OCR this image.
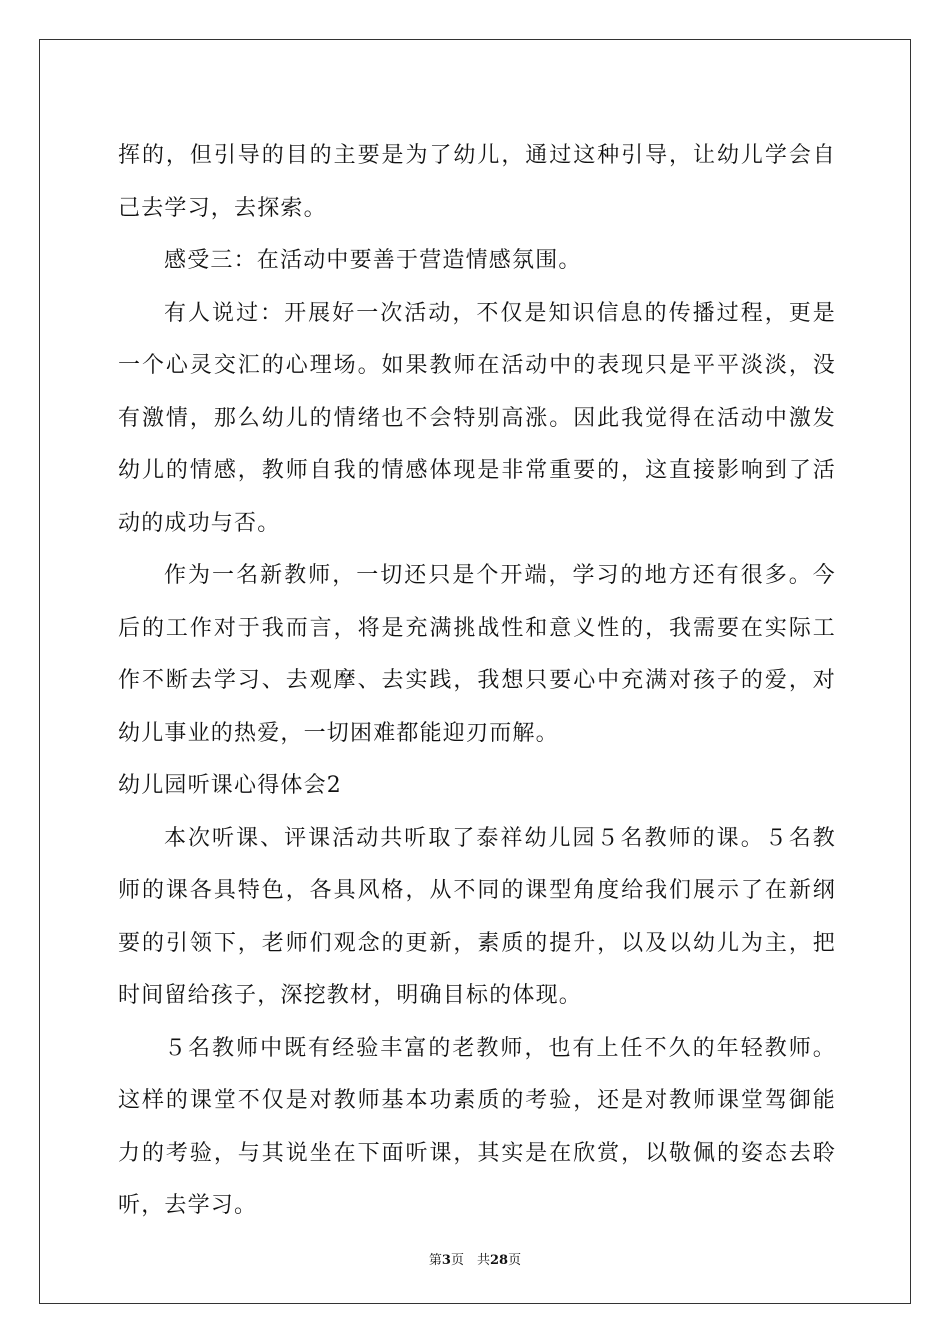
挥的，但引导的目的主要是为了幼儿，通过这种引导，让幼儿学会自己去学习，去探索。

感受三：在活动中要善于营造情感氛围。

有人说过：开展好一次活动，不仅是知识信息的传播过程，更是一个心灵交汇的心理场。如果教师在活动中的表现只是平平淡淡，没有激情，那么幼儿的情绪也不会特别高涨。因此我觉得在活动中激发幼儿的情感，教师自我的情感体现是非常重要的，这直接影响到了活动的成功与否。

作为一名新教师，一切还只是个开端，学习的地方还有很多。今后的工作对于我而言，将是充满挑战性和意义性的，我需要在实际工作不断去学习、去观摩、去实践，我想只要心中充满对孩子的爱，对幼儿事业的热爱，一切困难都能迎刃而解。

幼儿园听课心得体会2

本次听课、评课活动共听取了泰祥幼儿园５名教师的课。５名教师的课各具特色，各具风格，从不同的课型角度给我们展示了在新纲要的引领下，老师们观念的更新，素质的提升，以及以幼儿为主，把时间留给孩子，深挖教材，明确目标的体现。

５名教师中既有经验丰富的老教师，也有上任不久的年轻教师。这样的课堂不仅是对教师基本功素质的考验，还是对教师课堂驾御能力的考验，与其说坐在下面听课，其实是在欣赏，以敬佩的姿态去聆听，去学习。

第3页　共28页
